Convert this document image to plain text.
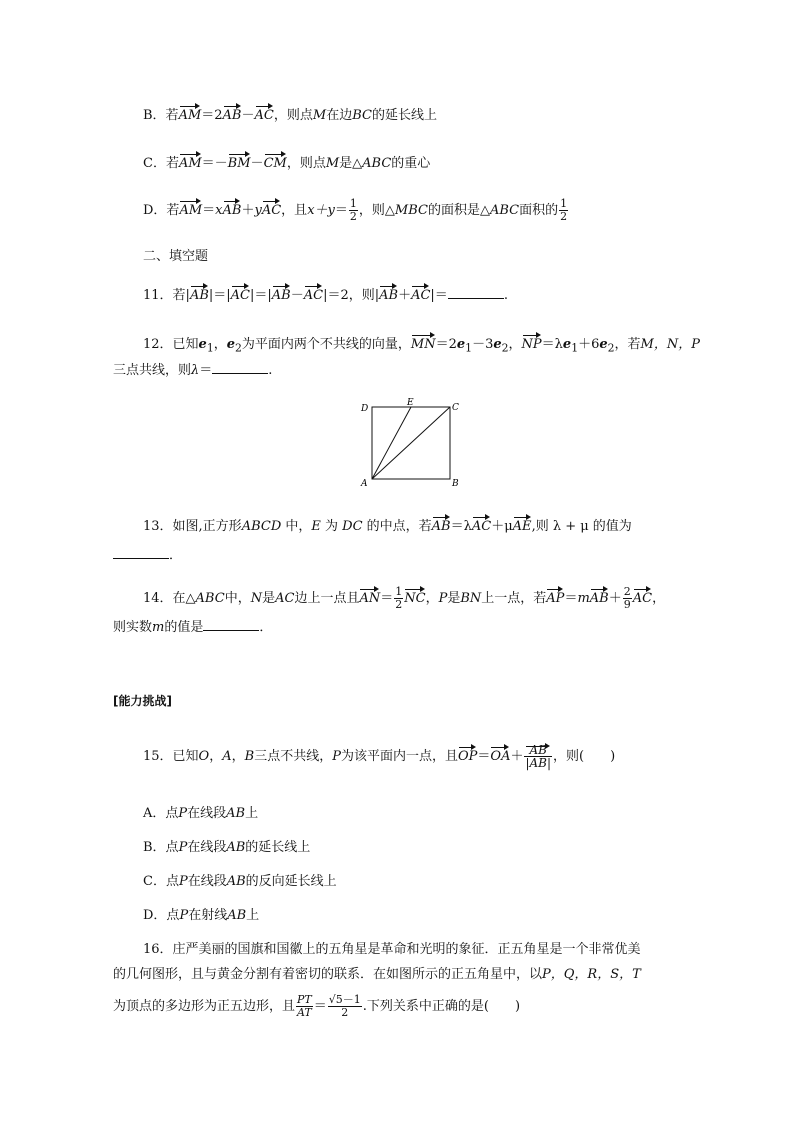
B．若AM＝2AB－AC，则点M在边BC的延长线上
C．若AM＝－BM－CM，则点M是△ABC的重心
D．若AM＝xAB＋yAC，且$x+y= \frac{1}{2}$ ，则△MBC的面积是△ABC面积的 $\frac{1}{2}$
二、填空题
11．若|AB|＝|AC|＝|AB－AC|＝2，则|AB＋AC|＝	.
12．已知$e_1$，$e_2$为平面内两个不共线的向量，$MN=2e_1-3e_2$，$NP=\lambda e_1+6e_2$，若M，N，P
三点共线，则λ＝	.
D
E	C
A	B
13．如图,正方形ABCD 中，E 为 DC 的中点，若AB＝λAC＋μAE,则 λ + μ 的值为
．
14．在△ABC中，N是AC边上一点且$AN= \frac{1}{2}$ NC，P是BN上一点，若$AP=mAB+ \frac{2}{9}$ AC，
则实数m的值是	．
[能力挑战]
15．已知O，A，B三点不共线，P为该平面内一点，且$OP=OA+ \frac{AB}{|AB|}$ ，则(　　)
A．点P在线段AB上
B．点P在线段AB的延长线上
C．点P在线段AB的反向延长线上
D．点P在射线AB上
16．庄严美丽的国旗和国徽上的五角星是革命和光明的象征．正五角星是一个非常优美
的几何图形，且与黄金分割有着密切的联系．在如图所示的正五角星中，以P，Q，R，S，T
为顶点的多边形为正五边形，且 $\frac{PT}{AT} = \frac{√5-1}{2}$ .下列关系中正确的是(　　)
